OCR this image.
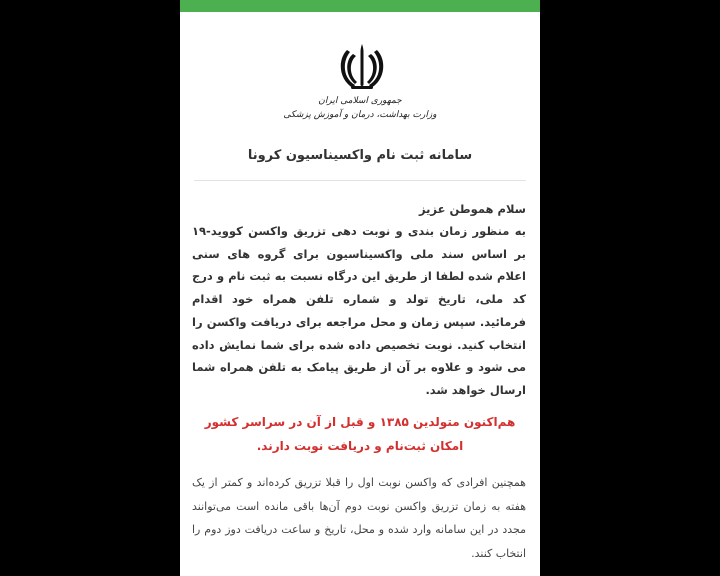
جمهوری اسلامی ایران
وزارت بهداشت، درمان و آموزش پزشکی
سامانه ثبت نام واکسیناسیون کرونا
سلام هموطن عزیز
به منظور زمان بندی و نوبت دهی تزریق واکسن کووید-۱۹ بر اساس سند ملی واکسیناسیون برای گروه های سنی اعلام شده لطفا از طریق این درگاه نسبت به ثبت نام و درج کد ملی، تاریخ تولد و شماره تلفن همراه خود اقدام فرمائید. سپس زمان و محل مراجعه برای دریافت واکسن را انتخاب کنید. نوبت تخصیص داده شده برای شما نمایش داده می شود و علاوه بر آن از طریق پیامک به تلفن همراه شما ارسال خواهد شد.
هم‌اکنون متولدین ۱۳۸۵ و قبل از آن در سراسر کشور امکان ثبت‌نام و دریافت نوبت دارند.
همچنین افرادی که واکسن نوبت اول را قبلا تزریق کرده‌اند و کمتر از یک هفته به زمان تزریق واکسن نوبت دوم آن‌ها باقی مانده است می‌توانند مجدد در این سامانه وارد شده و محل، تاریخ و ساعت دریافت دوز دوم را انتخاب کنند.
